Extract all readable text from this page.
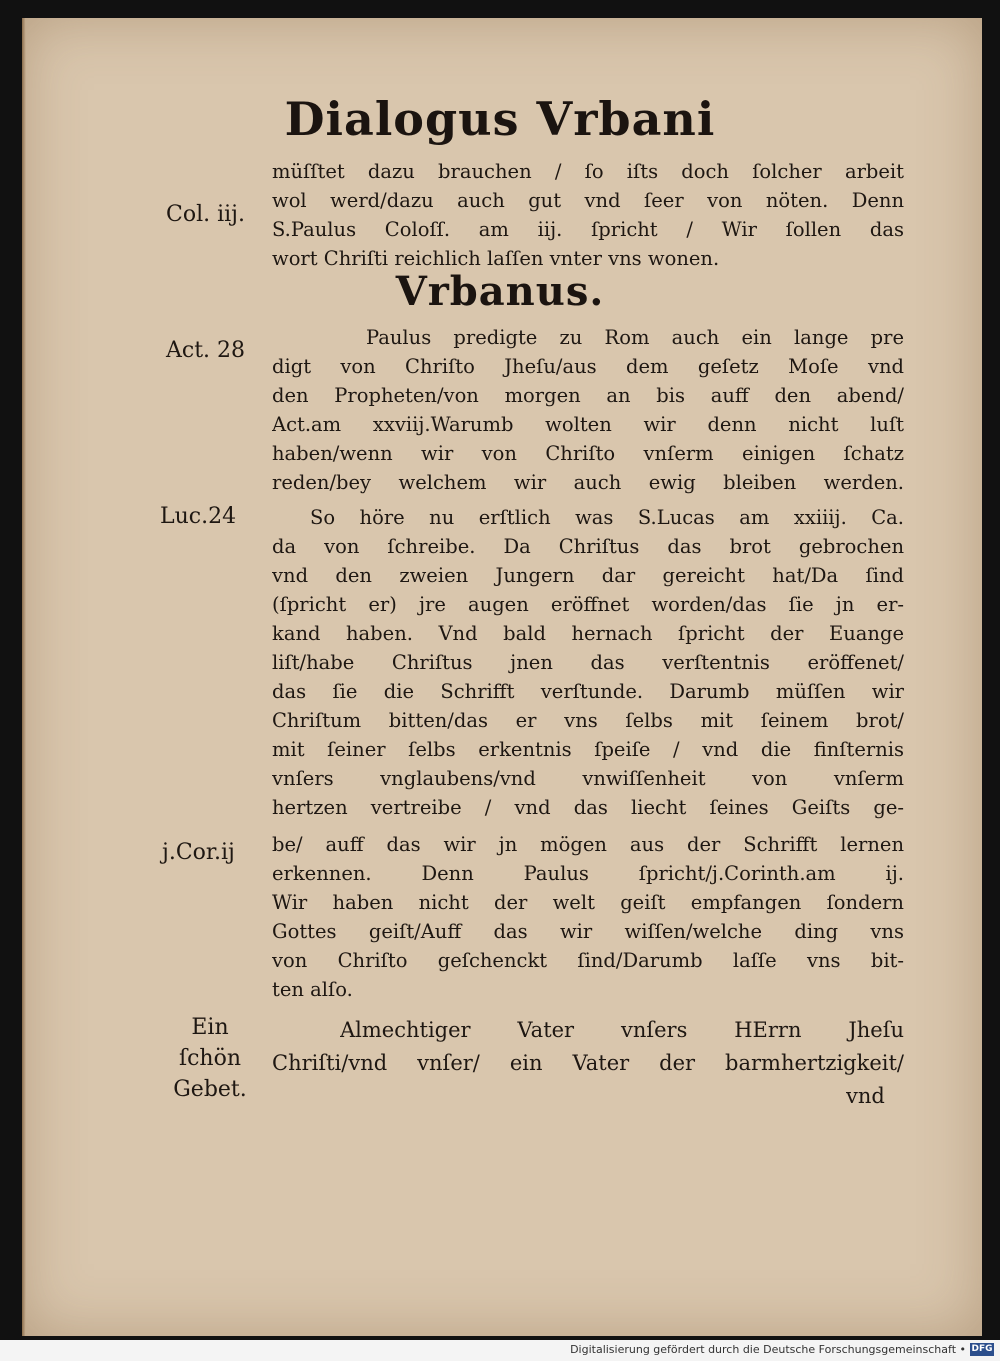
Dialogus Vrbani
müſſtet dazu brauchen / ſo iſts doch ſolcher arbeit
wol werd/dazu auch gut vnd ſeer von nöten. Denn
S.Paulus Coloſſ. am iij. ſpricht / Wir ſollen das
wort Chriſti reichlich laſſen vnter vns wonen.
Vrbanus.
Paulus predigte zu Rom auch ein lange pre
digt von Chriſto Jheſu/aus dem geſetz Moſe vnd
den Propheten/von morgen an bis auff den abend/
Act.am xxviij.Warumb wolten wir denn nicht luſt
haben/wenn wir von Chriſto vnſerm einigen ſchatz
reden/bey welchem wir auch ewig bleiben werden.
So höre nu erſtlich was S.Lucas am xxiiij. Ca.
da von ſchreibe. Da Chriſtus das brot gebrochen
vnd den zweien Jungern dar gereicht hat/Da ſind
(ſpricht er) jre augen eröffnet worden/das ſie jn er-
kand haben. Vnd bald hernach ſpricht der Euange
liſt/habe Chriſtus jnen das verſtentnis eröffenet/
das ſie die Schrifft verſtunde. Darumb müſſen wir
Chriſtum bitten/das er vns ſelbs mit ſeinem brot/
mit ſeiner ſelbs erkentnis ſpeiſe / vnd die finſternis
vnſers vnglaubens/vnd vnwiſſenheit von vnſerm
hertzen vertreibe / vnd das liecht ſeines Geiſts ge-
be/ auff das wir jn mögen aus der Schrifft lernen
erkennen. Denn Paulus ſpricht/j.Corinth.am ij.
Wir haben nicht der welt geiſt empfangen ſondern
Gottes geiſt/Auff das wir wiſſen/welche ding vns
von Chriſto geſchenckt ſind/Darumb laſſe vns bit-
ten alſo.
Almechtiger Vater vnſers HErrn Jheſu
Chriſti/vnd vnſer/ ein Vater der barmhertzigkeit/
vnd
Col. iij.
Act. 28
Luc.24
j.Cor.ij
Ein
ſchön
Gebet.
Digitalisierung gefördert durch die Deutsche Forschungsgemeinschaft • DFG
